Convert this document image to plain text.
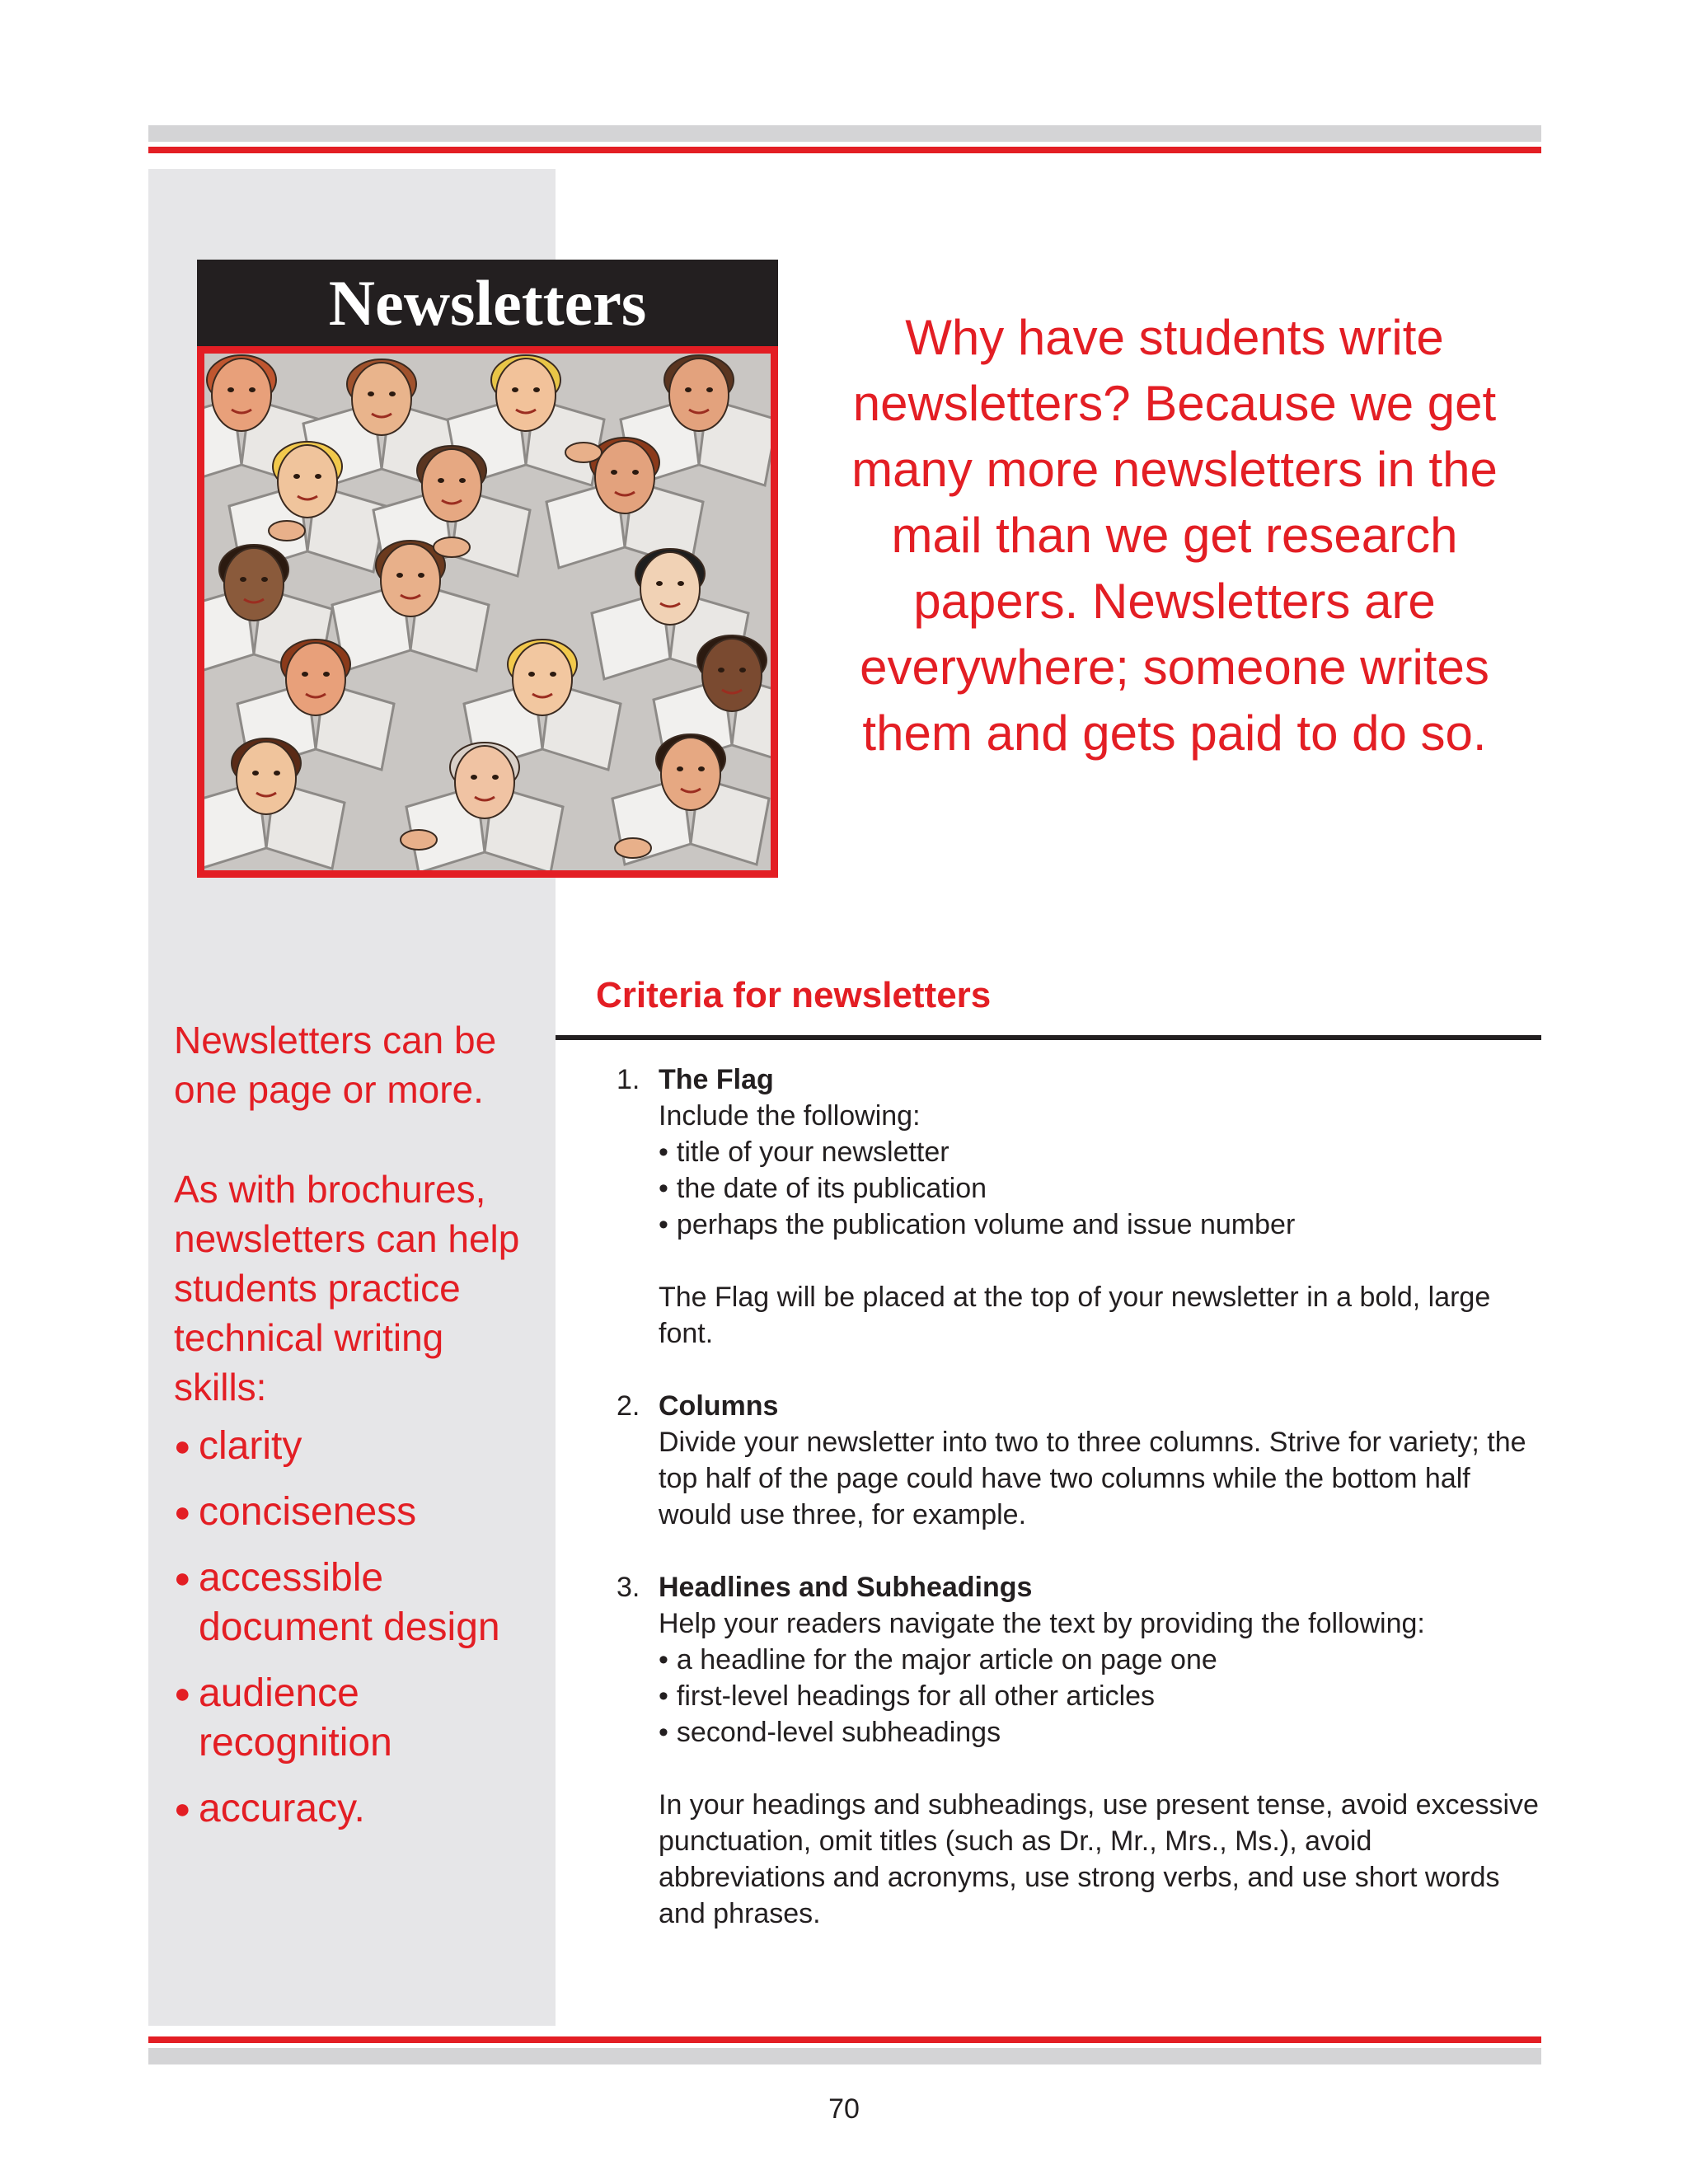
Newsletters	Why have students write newsletters? Because we get many more newsletters in the mail than we get research papers. Newsletters are everywhere; someone writes them and gets paid to do so.
Newsletters can be one page or more.
As with brochures, newsletters can help students practice technical writing skills:
● clarity
● conciseness
● accessible document design
● audience recognition
● accuracy.
Criteria for newsletters
1. The Flag

Include the following:

• title of your newsletter
• the date of its publication
• perhaps the publication volume and issue number

The Flag will be placed at the top of your newsletter in a bold, large font.

2. Columns

Divide your newsletter into two to three columns. Strive for variety; the top half of the page could have two columns while the bottom half would use three, for example.

3. Headlines and Subheadings

Help your readers navigate the text by providing the following:

• a headline for the major article on page one
• first-level headings for all other articles
• second-level subheadings

In your headings and subheadings, use present tense, avoid excessive punctuation, omit titles (such as Dr., Mr., Mrs., Ms.), avoid abbreviations and acronyms, use strong verbs, and use short words and phrases.

70
